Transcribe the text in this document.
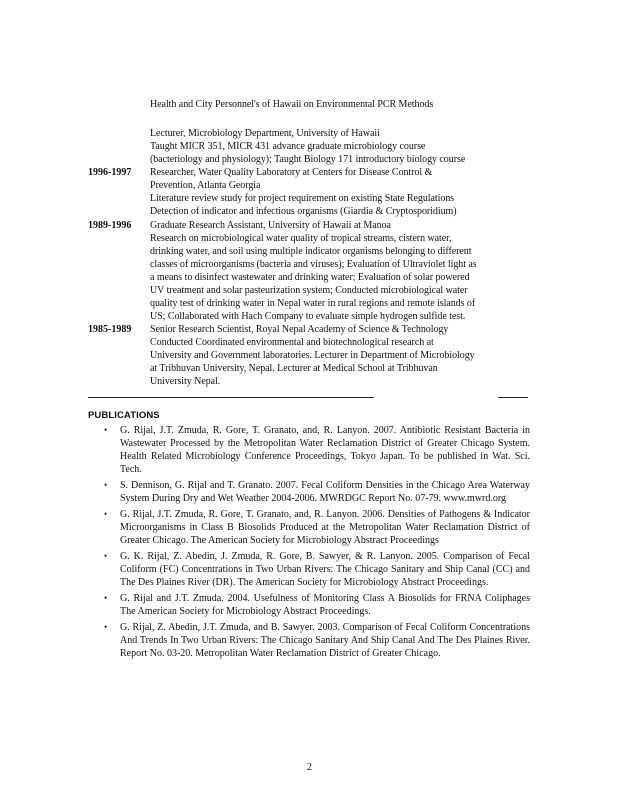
Health and City Personnel's of Hawaii on Environmental PCR Methods
Lecturer, Microbiology Department, University of Hawaii
Taught MICR 351, MICR 431 advance graduate microbiology course
(bacteriology and physiology); Taught Biology 171 introductory biology course
1996-1997 Researcher, Water Quality Laboratory at Centers for Disease Control &
Prevention, Atlanta Georgia
Literature review study for project requirement on existing State Regulations
Detection of indicator and infectious organisms (Giardia & Cryptosporidium)
1989-1996 Graduate Research Assistant, University of Hawaii at Manoa
Research on microbiological water quality of tropical streams, cistern water,
drinking water, and soil using multiple indicator organisms belonging to different
classes of microorganisms (bacteria and viruses); Evaluation of Ultraviolet light as
a means to disinfect wastewater and drinking water; Evaluation of solar powered
UV treatment and solar pasteurization system; Conducted microbiological water
quality test of drinking water in Nepal water in rural regions and remote islands of
US; Collaborated with Hach Company to evaluate simple hydrogen sulfide test.
1985-1989 Senior Research Scientist, Royal Nepal Academy of Science & Technology
Conducted Coordinated environmental and biotechnological research at
University and Government laboratories. Lecturer in Department of Microbiology
at Tribhuvan University, Nepal. Lecturer at Medical School at Tribhuvan
University Nepal.
PUBLICATIONS
• G. Rijal, J.T. Zmuda, R. Gore, T. Granato, and, R. Lanyon. 2007. Antibiotic Resistant Bacteria in Wastewater Processed by the Metropolitan Water Reclamation District of Greater Chicago System. Health Related Microbiology Conference Proceedings, Tokyo Japan. To be published in Wat. Sci. Tech.
• S. Dennison, G. Rijal and T. Granato. 2007. Fecal Coliform Densities in the Chicago Area Waterway System During Dry and Wet Weather 2004-2006. MWRDGC Report No. 07-79. www.mwrd.org
• G. Rijal, J.T. Zmuda, R. Gore, T. Granato, and, R. Lanyon. 2006. Densities of Pathogens & Indicator Microorganisms in Class B Biosolids Produced at the Metropolitan Water Reclamation District of Greater Chicago. The American Society for Microbiology Abstract Proceedings
• G. K. Rijal, Z. Abedin, J. Zmuda, R. Gore, B. Sawyer, & R. Lanyon. 2005. Comparison of Fecal Coliform (FC) Concentrations in Two Urban Rivers: The Chicago Sanitary and Ship Canal (CC) and The Des Plaines River (DR). The American Society for Microbiology Abstract Proceedings.
• G. Rijal and J.T. Zmuda. 2004. Usefulness of Monitoring Class A Biosolids for FRNA Coliphages The American Society for Microbiology Abstract Proceedings.
• G. Rijal, Z. Abedin, J.T. Zmuda, and B. Sawyer. 2003. Comparison of Fecal Coliform Concentrations And Trends In Two Urban Rivers: The Chicago Sanitary And Ship Canal And The Des Plaines River. Report No. 03-20. Metropolitan Water Reclamation District of Greater Chicago.
2
